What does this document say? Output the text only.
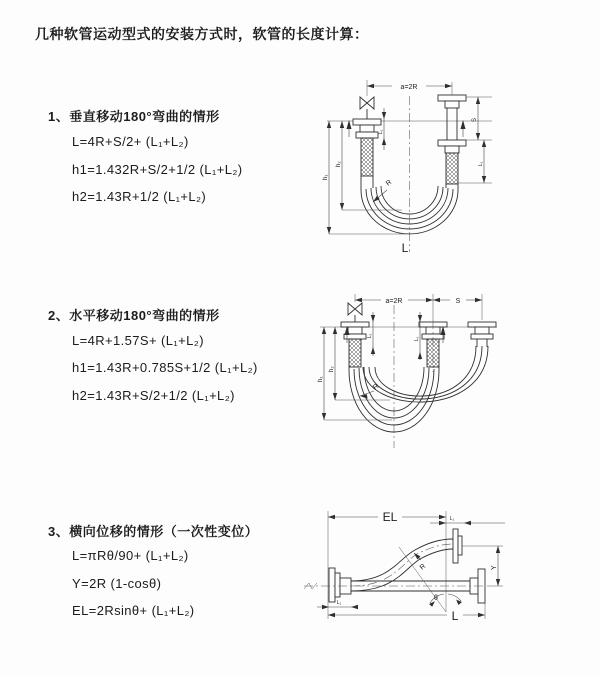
几种软管运动型式的安装方式时，软管的长度计算：
1、垂直移动180°弯曲的情形
L=4R+S/2+ (L₁+L₂)
h1=1.432R+S/2+1/2 (L₁+L₂)
h2=1.43R+1/2 (L₁+L₂)
2、水平移动180°弯曲的情形
L=4R+1.57S+ (L₁+L₂)
h1=1.43R+0.785S+1/2 (L₁+L₂)
h2=1.43R+S/2+1/2 (L₁+L₂)
3、横向位移的情形（一次性变位）
L=πRθ/90+ (L₁+L₂)
Y=2R (1-cosθ)
EL=2Rsinθ+ (L₁+L₂)
a=2R
h₁
h₂
L₁
S
L₁
R
L
a=2R	S
h₁
h₂
L₁
L₁
R
EL	L₁
θ
R	Y
L₁
L
